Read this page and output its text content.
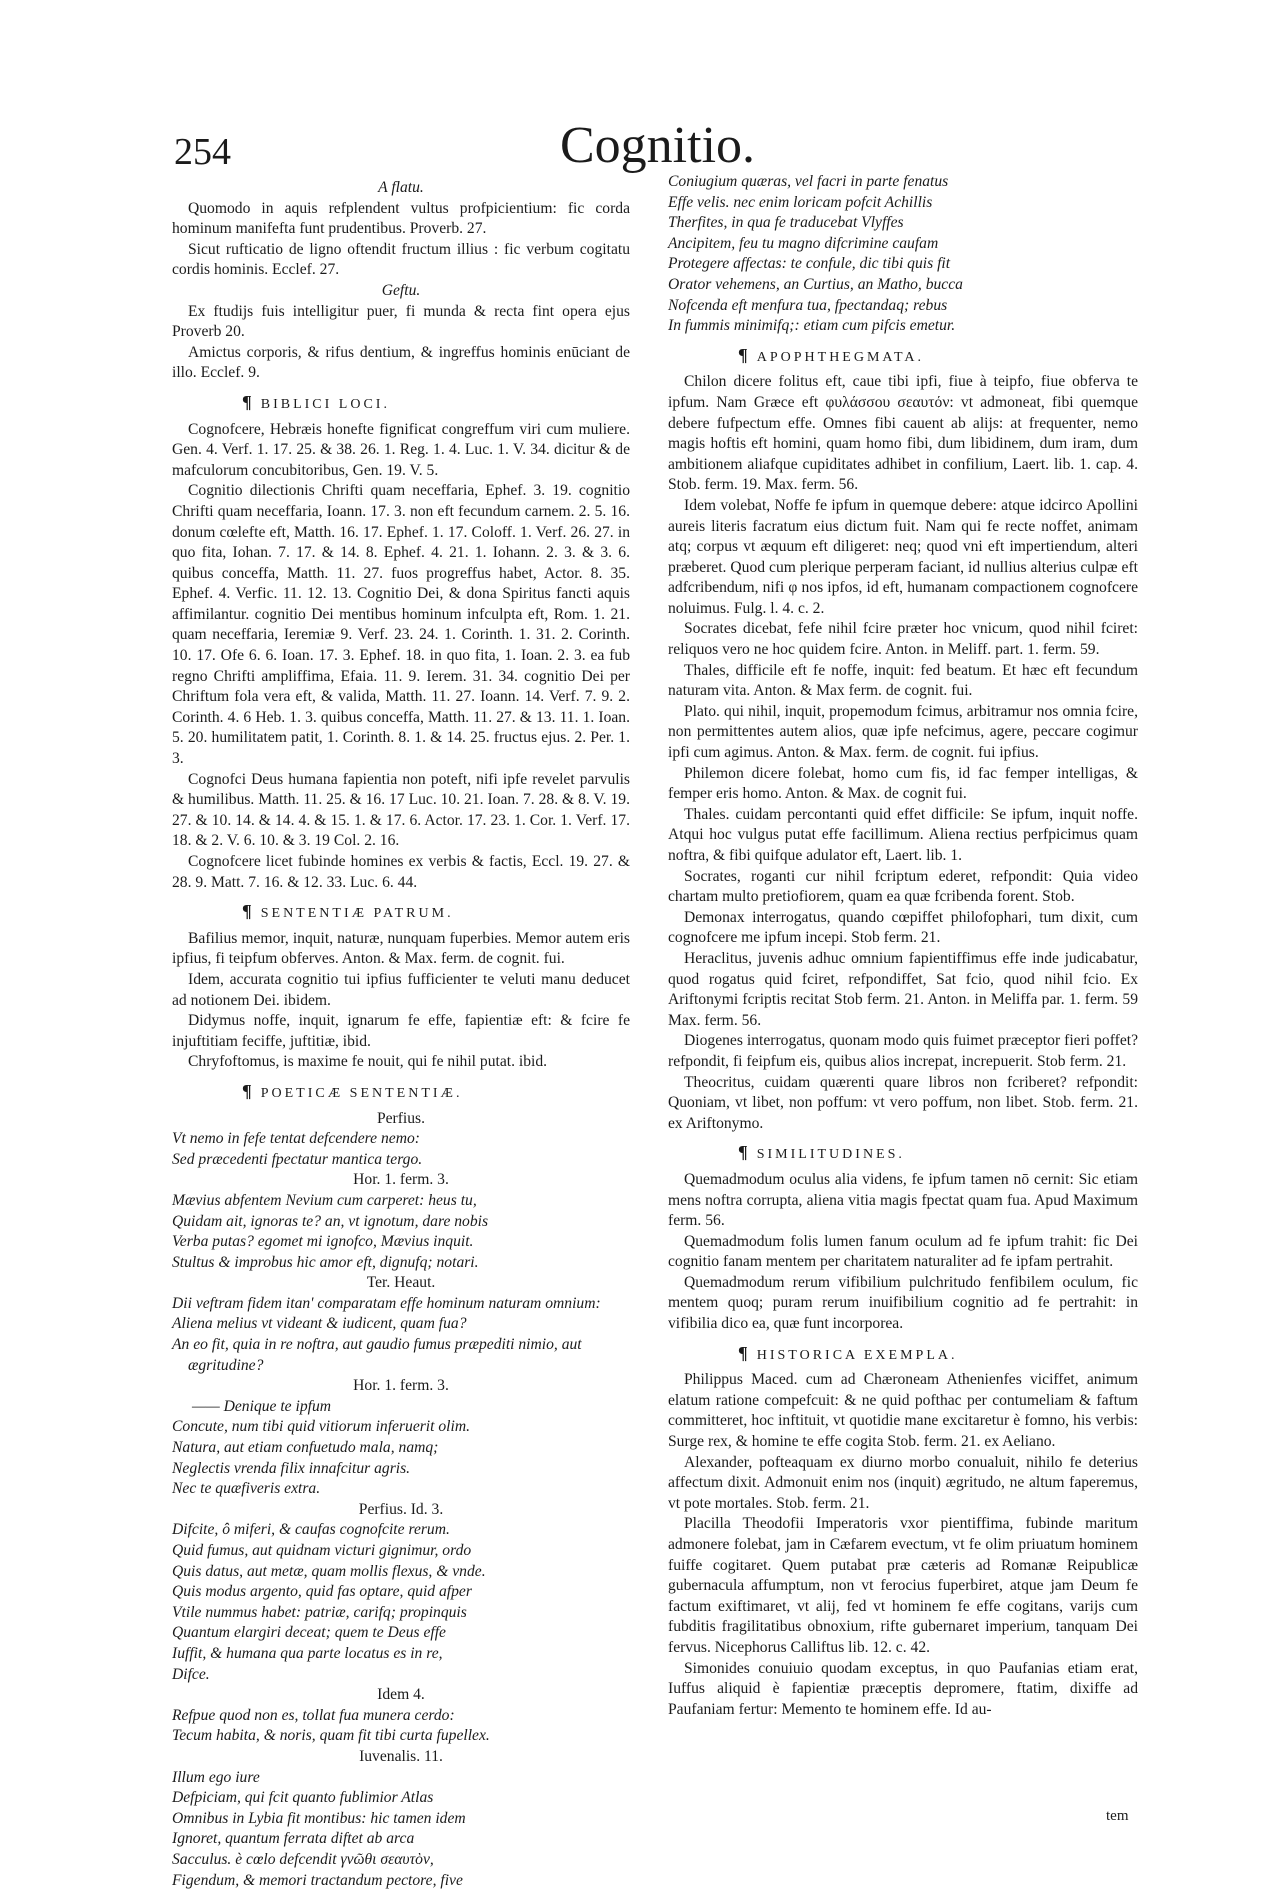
254	Cognitio.

A flatu.

Quomodo in aquis refplendent vultus profpicientium: fic corda hominum manifefta funt prudentibus. Proverb. 27.

Sicut rufticatio de ligno oftendit fructum illius : fic verbum cogitatu cordis hominis. Ecclef. 27.

Geftu.

Ex ftudijs fuis intelligitur puer, fi munda & recta fint opera ejus Proverb 20.

Amictus corporis, & rifus dentium, & ingreffus hominis enūciant de illo. Ecclef. 9.

¶ BIBLICI LOCI.

Cognofcere, Hebræis honefte fignificat congreffum viri cum muliere. Gen. 4. Verf. 1. 17. 25. & 38. 26. 1. Reg. 1. 4. Luc. 1. V. 34. dicitur & de mafculorum concubitoribus, Gen. 19. V. 5.

Cognitio dilectionis Chrifti quam neceffaria, Ephef. 3. 19. cognitio Chrifti quam neceffaria, Ioann. 17. 3. non eft fecundum carnem. 2. 5. 16. donum cœlefte eft, Matth. 16. 17. Ephef. 1. 17. Coloff. 1. Verf. 26. 27. in quo fita, Iohan. 7. 17. & 14. 8. Ephef. 4. 21. 1. Iohann. 2. 3. & 3. 6. quibus conceffa, Matth. 11. 27. fuos progreffus habet, Actor. 8. 35. Ephef. 4. Verfic. 11. 12. 13. Cognitio Dei, & dona Spiritus fancti aquis affimilantur. cognitio Dei mentibus hominum infculpta eft, Rom. 1. 21. quam neceffaria, Ieremiæ 9. Verf. 23. 24. 1. Corinth. 1. 31. 2. Corinth. 10. 17. Ofe 6. 6. Ioan. 17. 3. Ephef. 18. in quo fita, 1. Ioan. 2. 3. ea fub regno Chrifti ampliffima, Efaia. 11. 9. Ierem. 31. 34. cognitio Dei per Chriftum fola vera eft, & valida, Matth. 11. 27. Ioann. 14. Verf. 7. 9. 2. Corinth. 4. 6 Heb. 1. 3. quibus conceffa, Matth. 11. 27. & 13. 11. 1. Ioan. 5. 20. humilitatem patit, 1. Corinth. 8. 1. & 14. 25. fructus ejus. 2. Per. 1. 3.

Cognofci Deus humana fapientia non poteft, nifi ipfe revelet parvulis & humilibus. Matth. 11. 25. & 16. 17 Luc. 10. 21. Ioan. 7. 28. & 8. V. 19. 27. & 10. 14. & 14. 4. & 15. 1. & 17. 6. Actor. 17. 23. 1. Cor. 1. Verf. 17. 18. & 2. V. 6. 10. & 3. 19 Col. 2. 16.

Cognofcere licet fubinde homines ex verbis & factis, Eccl. 19. 27. & 28. 9. Matt. 7. 16. & 12. 33. Luc. 6. 44.

¶ SENTENTIÆ PATRUM.

Bafilius memor, inquit, naturæ, nunquam fuperbies. Memor autem eris ipfius, fi teipfum obferves. Anton. & Max. ferm. de cognit. fui.

Idem, accurata cognitio tui ipfius fufficienter te veluti manu deducet ad notionem Dei. ibidem.

Didymus noffe, inquit, ignarum fe effe, fapientiæ eft: & fcire fe injuftitiam feciffe, juftitiæ, ibid.

Chryfoftomus, is maxime fe nouit, qui fe nihil putat. ibid.

¶ POETICÆ SENTENTIÆ.

Perfius.

Vt nemo in fefe tentat defcendere nemo:

Sed præcedenti fpectatur mantica tergo.

Hor. 1. ferm. 3.

Mævius abfentem Nevium cum carperet: heus tu,

Quidam ait, ignoras te? an, vt ignotum, dare nobis

Verba putas? egomet mi ignofco, Mævius inquit.

Stultus & improbus hic amor eft, dignufq; notari.

Ter. Heaut.

Dii veftram fidem itan' comparatam effe hominum naturam omnium:

Aliena melius vt videant & iudicent, quam fua?

An eo fit, quia in re noftra, aut gaudio fumus præpediti nimio, aut ægritudine?

Hor. 1. ferm. 3.

—— Denique te ipfum

Concute, num tibi quid vitiorum inferuerit olim.

Natura, aut etiam confuetudo mala, namq;

Neglectis vrenda filix innafcitur agris.

Nec te quæfiveris extra.

Perfius. Id. 3.

Difcite, ô miferi, & caufas cognofcite rerum.

Quid fumus, aut quidnam victuri gignimur, ordo

Quis datus, aut metæ, quam mollis flexus, & vnde.

Quis modus argento, quid fas optare, quid afper

Vtile nummus habet: patriæ, carifq; propinquis

Quantum elargiri deceat; quem te Deus effe

Iuffit, & humana qua parte locatus es in re,

Difce.

Idem 4.

Refpue quod non es, tollat fua munera cerdo:

Tecum habita, & noris, quam fit tibi curta fupellex.

Iuvenalis. 11.

Illum ego iure

Defpiciam, qui fcit quanto fublimior Atlas

Omnibus in Lybia fit montibus: hic tamen idem

Ignoret, quantum ferrata diftet ab arca

Sacculus. è cœlo defcendit γνῶθι σεαυτὸν,

Figendum, & memori tractandum pectore, five

Coniugium quæras, vel facri in parte fenatus

Effe velis. nec enim loricam pofcit Achillis

Therfites, in qua fe traducebat Vlyffes

Ancipitem, feu tu magno difcrimine caufam

Protegere affectas: te confule, dic tibi quis fit

Orator vehemens, an Curtius, an Matho, bucca

Nofcenda eft menfura tua, fpectandaq; rebus

In fummis minimifq;: etiam cum pifcis emetur.

¶ APOPHTHEGMATA.

Chilon dicere folitus eft, caue tibi ipfi, fiue à teipfo, fiue obferva te ipfum. Nam Græce eft φυλάσσου σεαυτόν: vt admoneat, fibi quemque debere fufpectum effe. Omnes fibi cauent ab alijs: at frequenter, nemo magis hoftis eft homini, quam homo fibi, dum libidinem, dum iram, dum ambitionem aliafque cupiditates adhibet in confilium, Laert. lib. 1. cap. 4. Stob. ferm. 19. Max. ferm. 56.

Idem volebat, Noffe fe ipfum in quemque debere: atque idcirco Apollini aureis literis facratum eius dictum fuit. Nam qui fe recte noffet, animam atq; corpus vt æquum eft diligeret: neq; quod vni eft impertiendum, alteri præberet. Quod cum plerique perperam faciant, id nullius alterius culpæ eft adfcribendum, nifi φ nos ipfos, id eft, humanam compactionem cognofcere noluimus. Fulg. l. 4. c. 2.

Socrates dicebat, fefe nihil fcire præter hoc vnicum, quod nihil fciret: reliquos vero ne hoc quidem fcire. Anton. in Meliff. part. 1. ferm. 59.

Thales, difficile eft fe noffe, inquit: fed beatum. Et hæc eft fecundum naturam vita. Anton. & Max ferm. de cognit. fui.

Plato. qui nihil, inquit, propemodum fcimus, arbitramur nos omnia fcire, non permittentes autem alios, quæ ipfe nefcimus, agere, peccare cogimur ipfi cum agimus. Anton. & Max. ferm. de cognit. fui ipfius.

Philemon dicere folebat, homo cum fis, id fac femper intelligas, & femper eris homo. Anton. & Max. de cognit fui.

Thales. cuidam percontanti quid effet difficile: Se ipfum, inquit noffe. Atqui hoc vulgus putat effe facillimum. Aliena rectius perfpicimus quam noftra, & fibi quifque adulator eft, Laert. lib. 1.

Socrates, roganti cur nihil fcriptum ederet, refpondit: Quia video chartam multo pretiofiorem, quam ea quæ fcribenda forent. Stob.

Demonax interrogatus, quando cœpiffet philofophari, tum dixit, cum cognofcere me ipfum incepi. Stob ferm. 21.

Heraclitus, juvenis adhuc omnium fapientiffimus effe inde judicabatur, quod rogatus quid fciret, refpondiffet, Sat fcio, quod nihil fcio. Ex Ariftonymi fcriptis recitat Stob ferm. 21. Anton. in Meliffa par. 1. ferm. 59 Max. ferm. 56.

Diogenes interrogatus, quonam modo quis fuimet præceptor fieri poffet? refpondit, fi feipfum eis, quibus alios increpat, increpuerit. Stob ferm. 21.

Theocritus, cuidam quærenti quare libros non fcriberet? refpondit: Quoniam, vt libet, non poffum: vt vero poffum, non libet. Stob. ferm. 21. ex Ariftonymo.

¶ SIMILITUDINES.

Quemadmodum oculus alia videns, fe ipfum tamen nō cernit: Sic etiam mens noftra corrupta, aliena vitia magis fpectat quam fua. Apud Maximum ferm. 56.

Quemadmodum folis lumen fanum oculum ad fe ipfum trahit: fic Dei cognitio fanam mentem per charitatem naturaliter ad fe ipfam pertrahit.

Quemadmodum rerum vifibilium pulchritudo fenfibilem oculum, fic mentem quoq; puram rerum inuifibilium cognitio ad fe pertrahit: in vifibilia dico ea, quæ funt incorporea.

¶ HISTORICA EXEMPLA.

Philippus Maced. cum ad Chæroneam Athenienfes viciffet, animum elatum ratione compefcuit: & ne quid pofthac per contumeliam & faftum committeret, hoc inftituit, vt quotidie mane excitaretur è fomno, his verbis: Surge rex, & homine te effe cogita Stob. ferm. 21. ex Aeliano.

Alexander, pofteaquam ex diurno morbo conualuit, nihilo fe deterius affectum dixit. Admonuit enim nos (inquit) ægritudo, ne altum faperemus, vt pote mortales. Stob. ferm. 21.

Placilla Theodofii Imperatoris vxor pientiffima, fubinde maritum admonere folebat, jam in Cæfarem evectum, vt fe olim priuatum hominem fuiffe cogitaret. Quem putabat præ cæteris ad Romanæ Reipublicæ gubernacula affumptum, non vt ferocius fuperbiret, atque jam Deum fe factum exiftimaret, vt alij, fed vt hominem fe effe cogitans, varijs cum fubditis fragilitatibus obnoxium, rifte gubernaret imperium, tanquam Dei fervus. Nicephorus Calliftus lib. 12. c. 42.

Simonides conuiuio quodam exceptus, in quo Paufanias etiam erat, Iuffus aliquid è fapientiæ præceptis depromere, ftatim, dixiffe ad Paufaniam fertur: Memento te hominem effe. Id au-

tem
